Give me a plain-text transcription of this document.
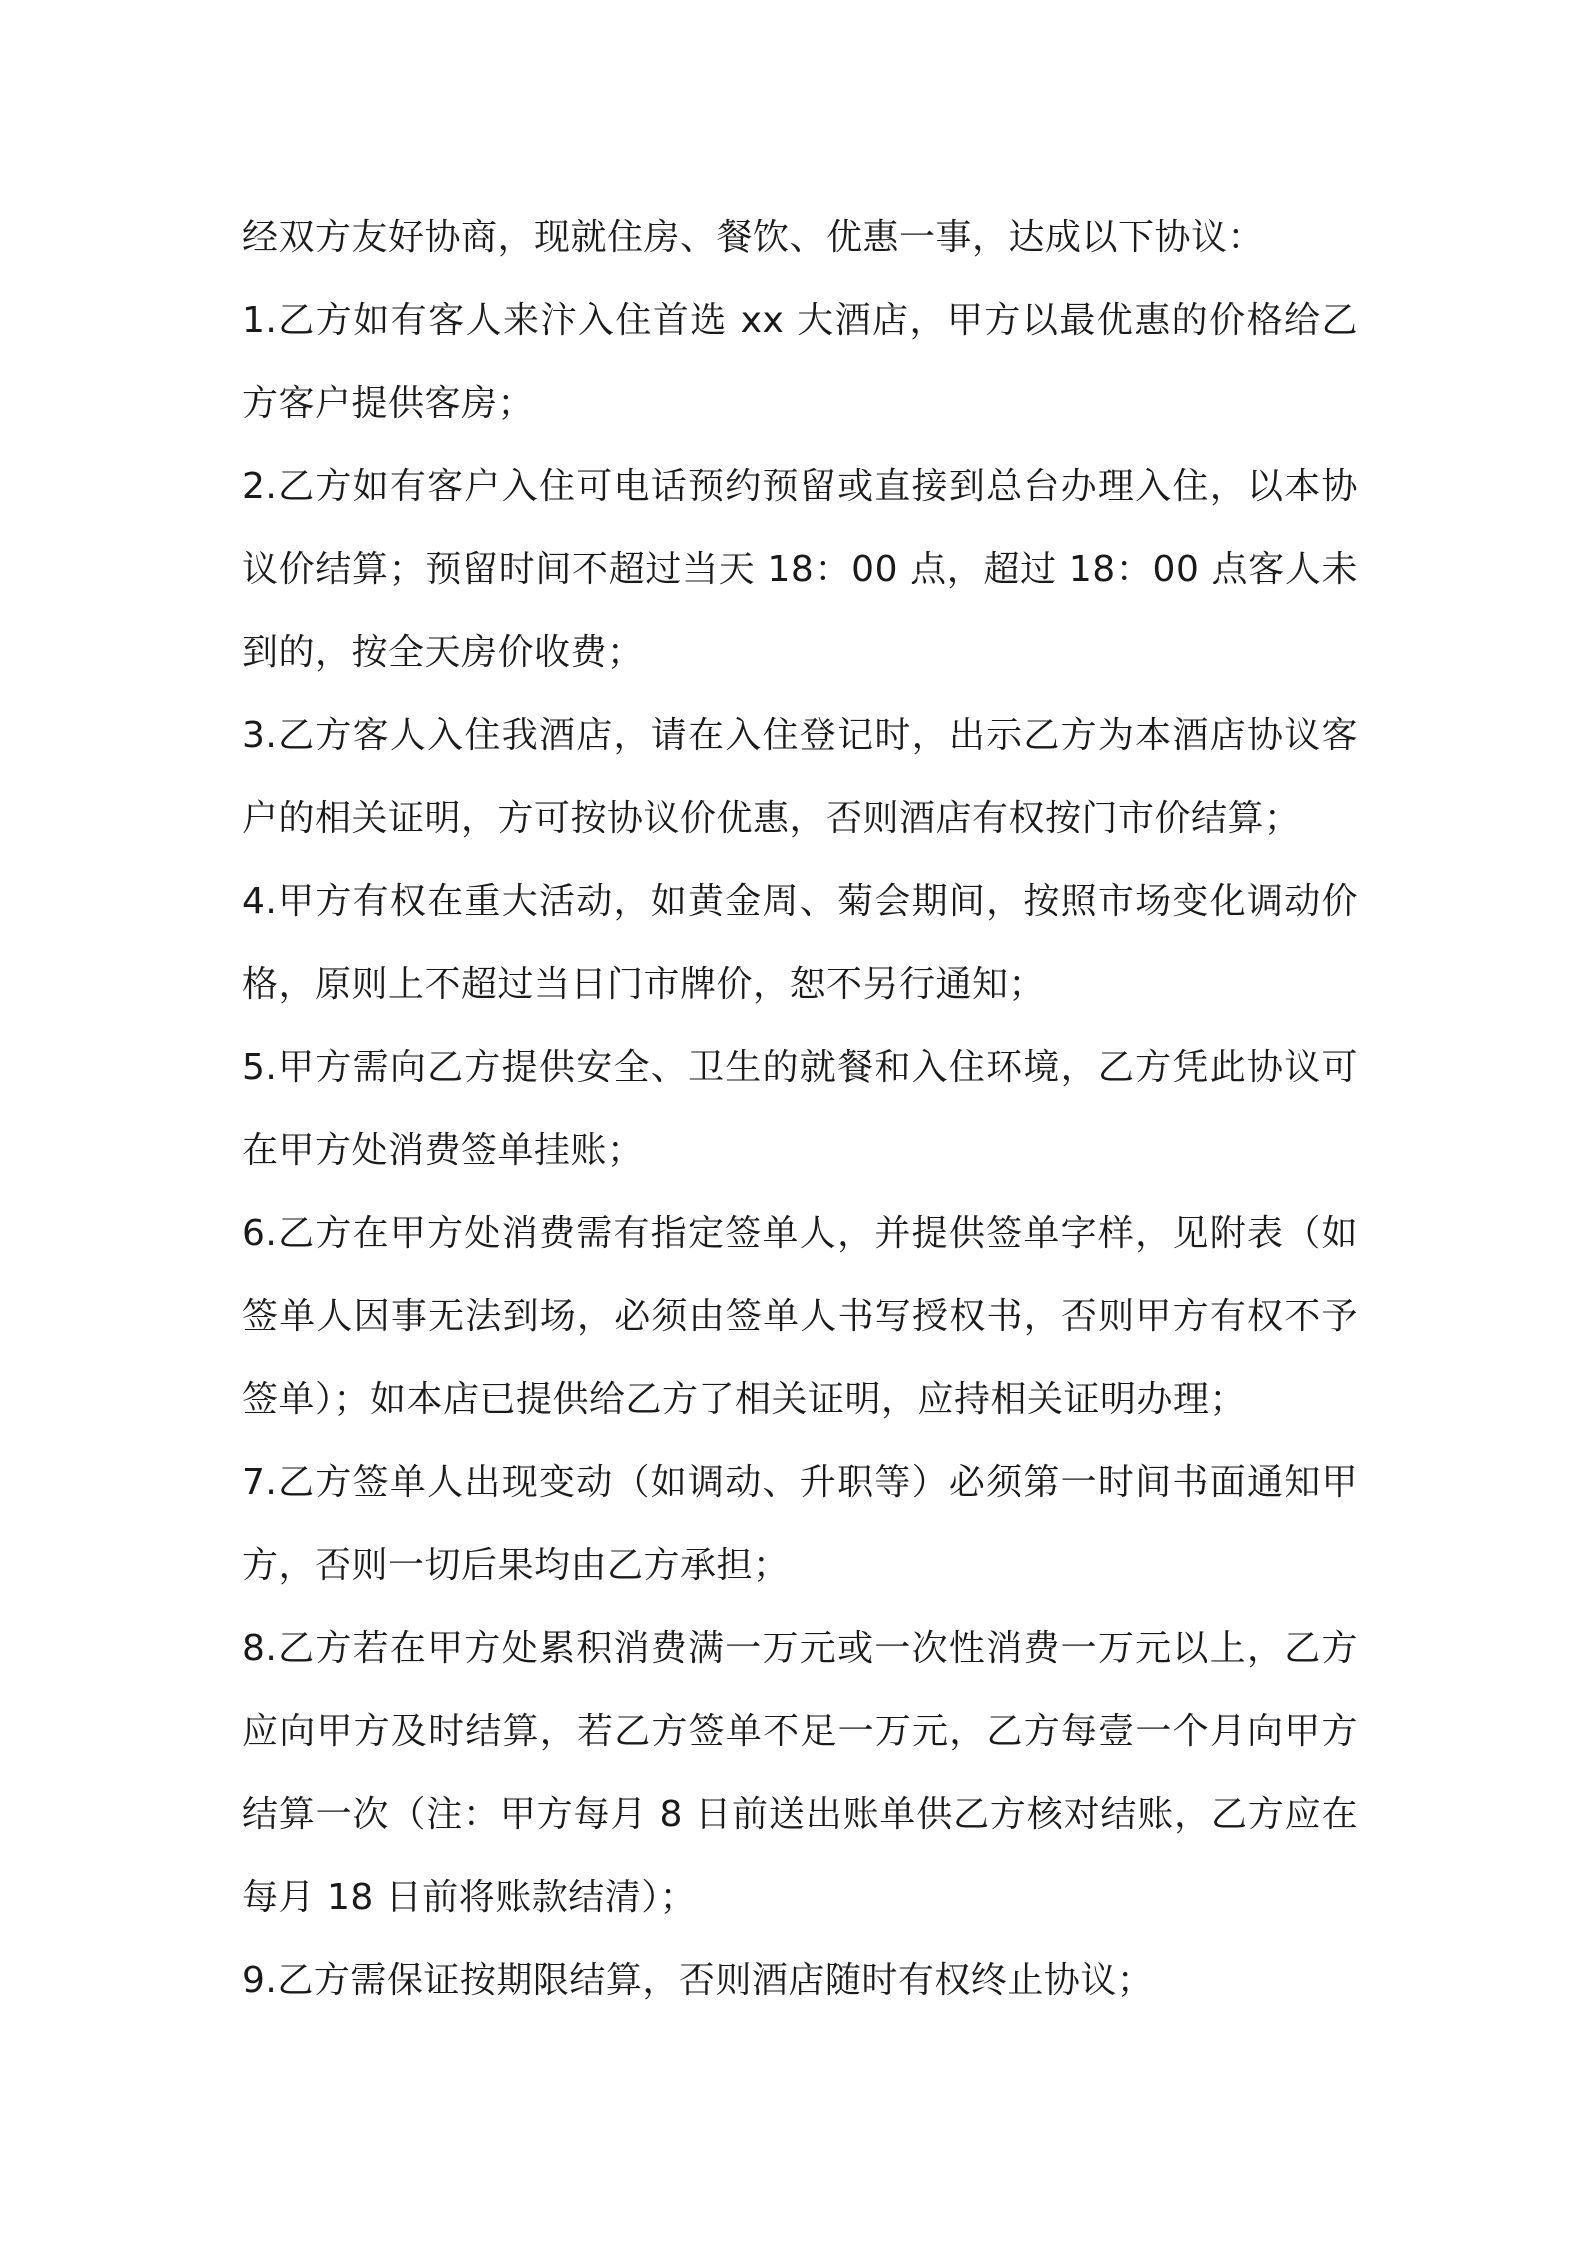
经双方友好协商，现就住房、餐饮、优惠一事，达成以下协议：

1.乙方如有客人来汴入住首选 xx 大酒店，甲方以最优惠的价格给乙方客户提供客房；

2.乙方如有客户入住可电话预约预留或直接到总台办理入住，以本协议价结算；预留时间不超过当天 18：00 点，超过 18：00 点客人未到的，按全天房价收费；

3.乙方客人入住我酒店，请在入住登记时，出示乙方为本酒店协议客户的相关证明，方可按协议价优惠，否则酒店有权按门市价结算；

4.甲方有权在重大活动，如黄金周、菊会期间，按照市场变化调动价格，原则上不超过当日门市牌价，恕不另行通知；

5.甲方需向乙方提供安全、卫生的就餐和入住环境，乙方凭此协议可在甲方处消费签单挂账；

6.乙方在甲方处消费需有指定签单人，并提供签单字样，见附表（如签单人因事无法到场，必须由签单人书写授权书，否则甲方有权不予签单）；如本店已提供给乙方了相关证明，应持相关证明办理；

7.乙方签单人出现变动（如调动、升职等）必须第一时间书面通知甲方，否则一切后果均由乙方承担；

8.乙方若在甲方处累积消费满一万元或一次性消费一万元以上，乙方应向甲方及时结算，若乙方签单不足一万元，乙方每壹一个月向甲方结算一次（注：甲方每月 8 日前送出账单供乙方核对结账，乙方应在每月 18 日前将账款结清）；

9.乙方需保证按期限结算，否则酒店随时有权终止协议；
